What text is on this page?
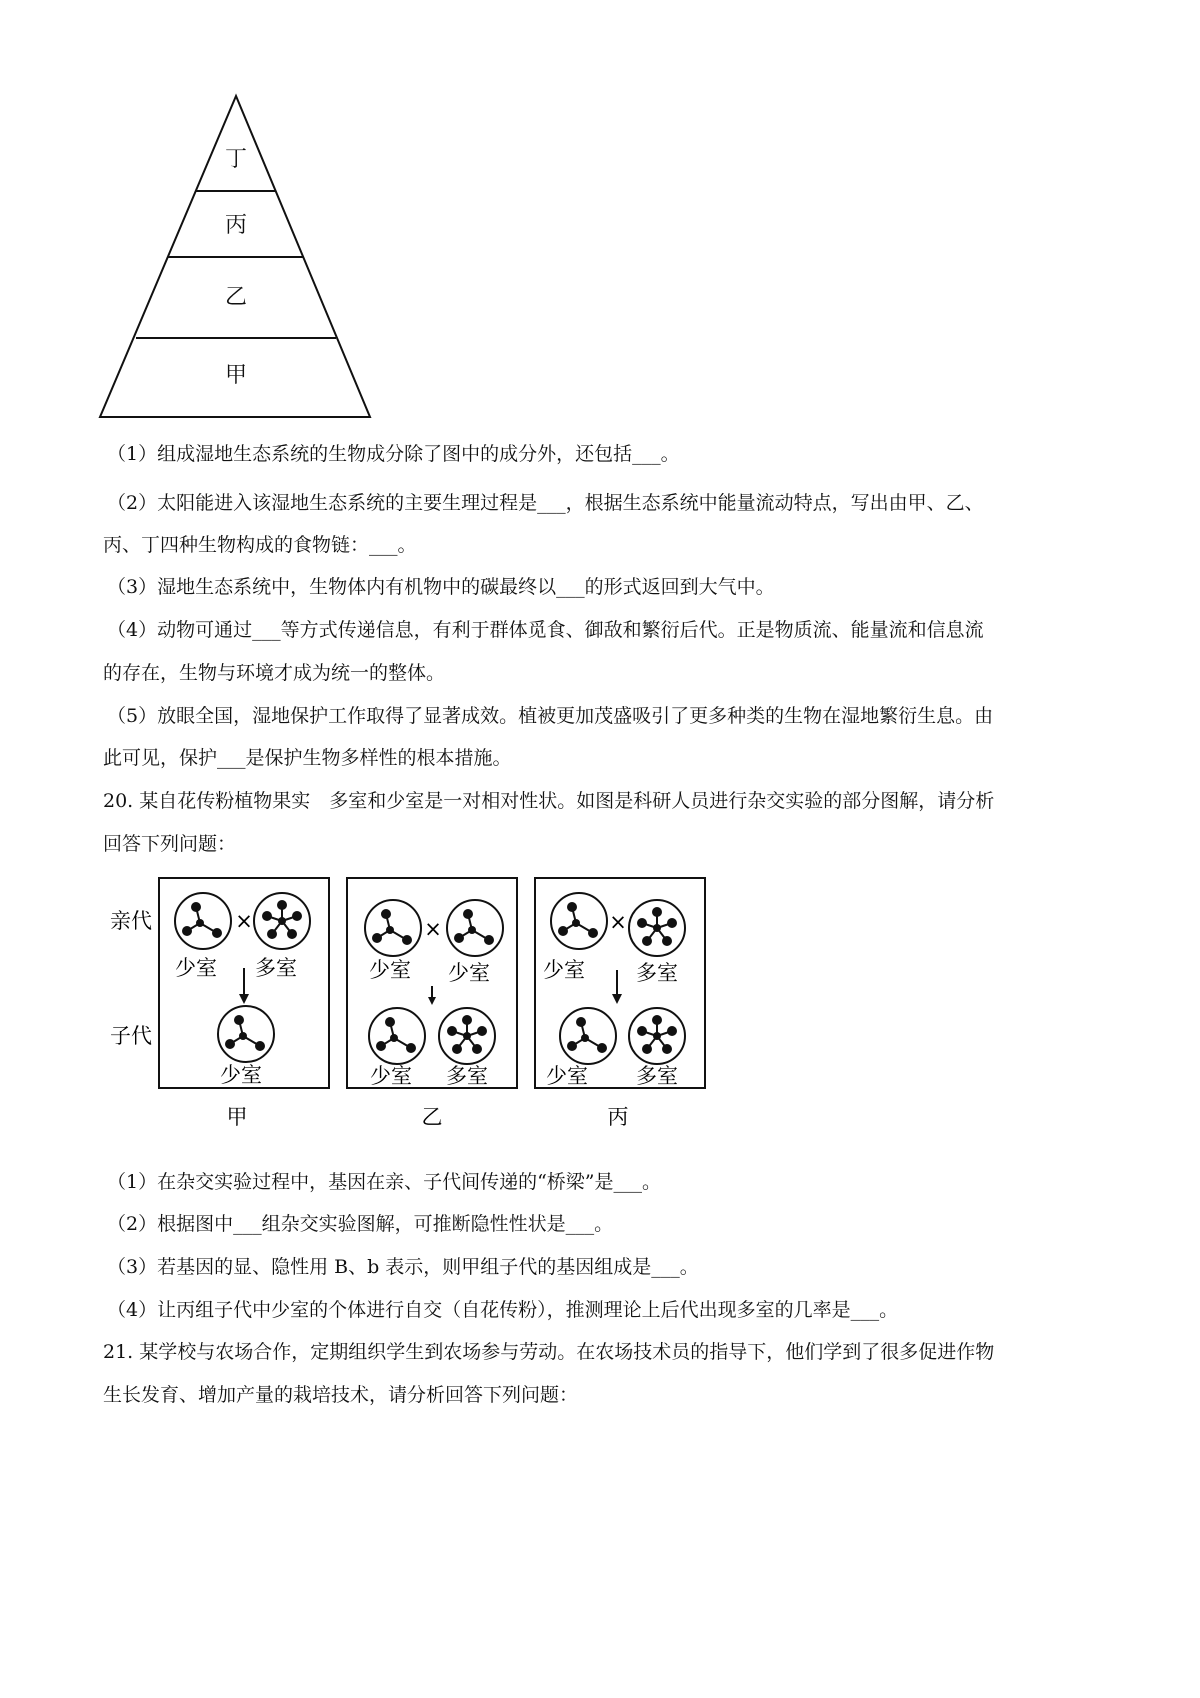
丁
丙
乙
甲
（1）组成湿地生态系统的生物成分除了图中的成分外，还包括___。
（2）太阳能进入该湿地生态系统的主要生理过程是___，根据生态系统中能量流动特点，写出由甲、乙、
丙、丁四种生物构成的食物链：___。
（3）湿地生态系统中，生物体内有机物中的碳最终以___的形式返回到大气中。
（4）动物可通过___等方式传递信息，有利于群体觅食、御敌和繁衍后代。正是物质流、能量流和信息流
的存在，生物与环境才成为统一的整体。
（5）放眼全国，湿地保护工作取得了显著成效。植被更加茂盛吸引了更多种类的生物在湿地繁衍生息。由
此可见，保护___是保护生物多样性的根本措施。
20. 某自花传粉植物果实　多室和少室是一对相对性状。如图是科研人员进行杂交实验的部分图解，请分析
回答下列问题：
亲代
子代
×
少室 多室
少室
×
少室 少室
少室 多室
×
少室 多室
少室 多室
甲	乙	丙
（1）在杂交实验过程中，基因在亲、子代间传递的“桥梁”是___。
（2）根据图中___组杂交实验图解，可推断隐性性状是___。
（3）若基因的显、隐性用 B、b 表示，则甲组子代的基因组成是___。
（4）让丙组子代中少室的个体进行自交（自花传粉），推测理论上后代出现多室的几率是___。
21. 某学校与农场合作，定期组织学生到农场参与劳动。在农场技术员的指导下，他们学到了很多促进作物
生长发育、增加产量的栽培技术，请分析回答下列问题：
